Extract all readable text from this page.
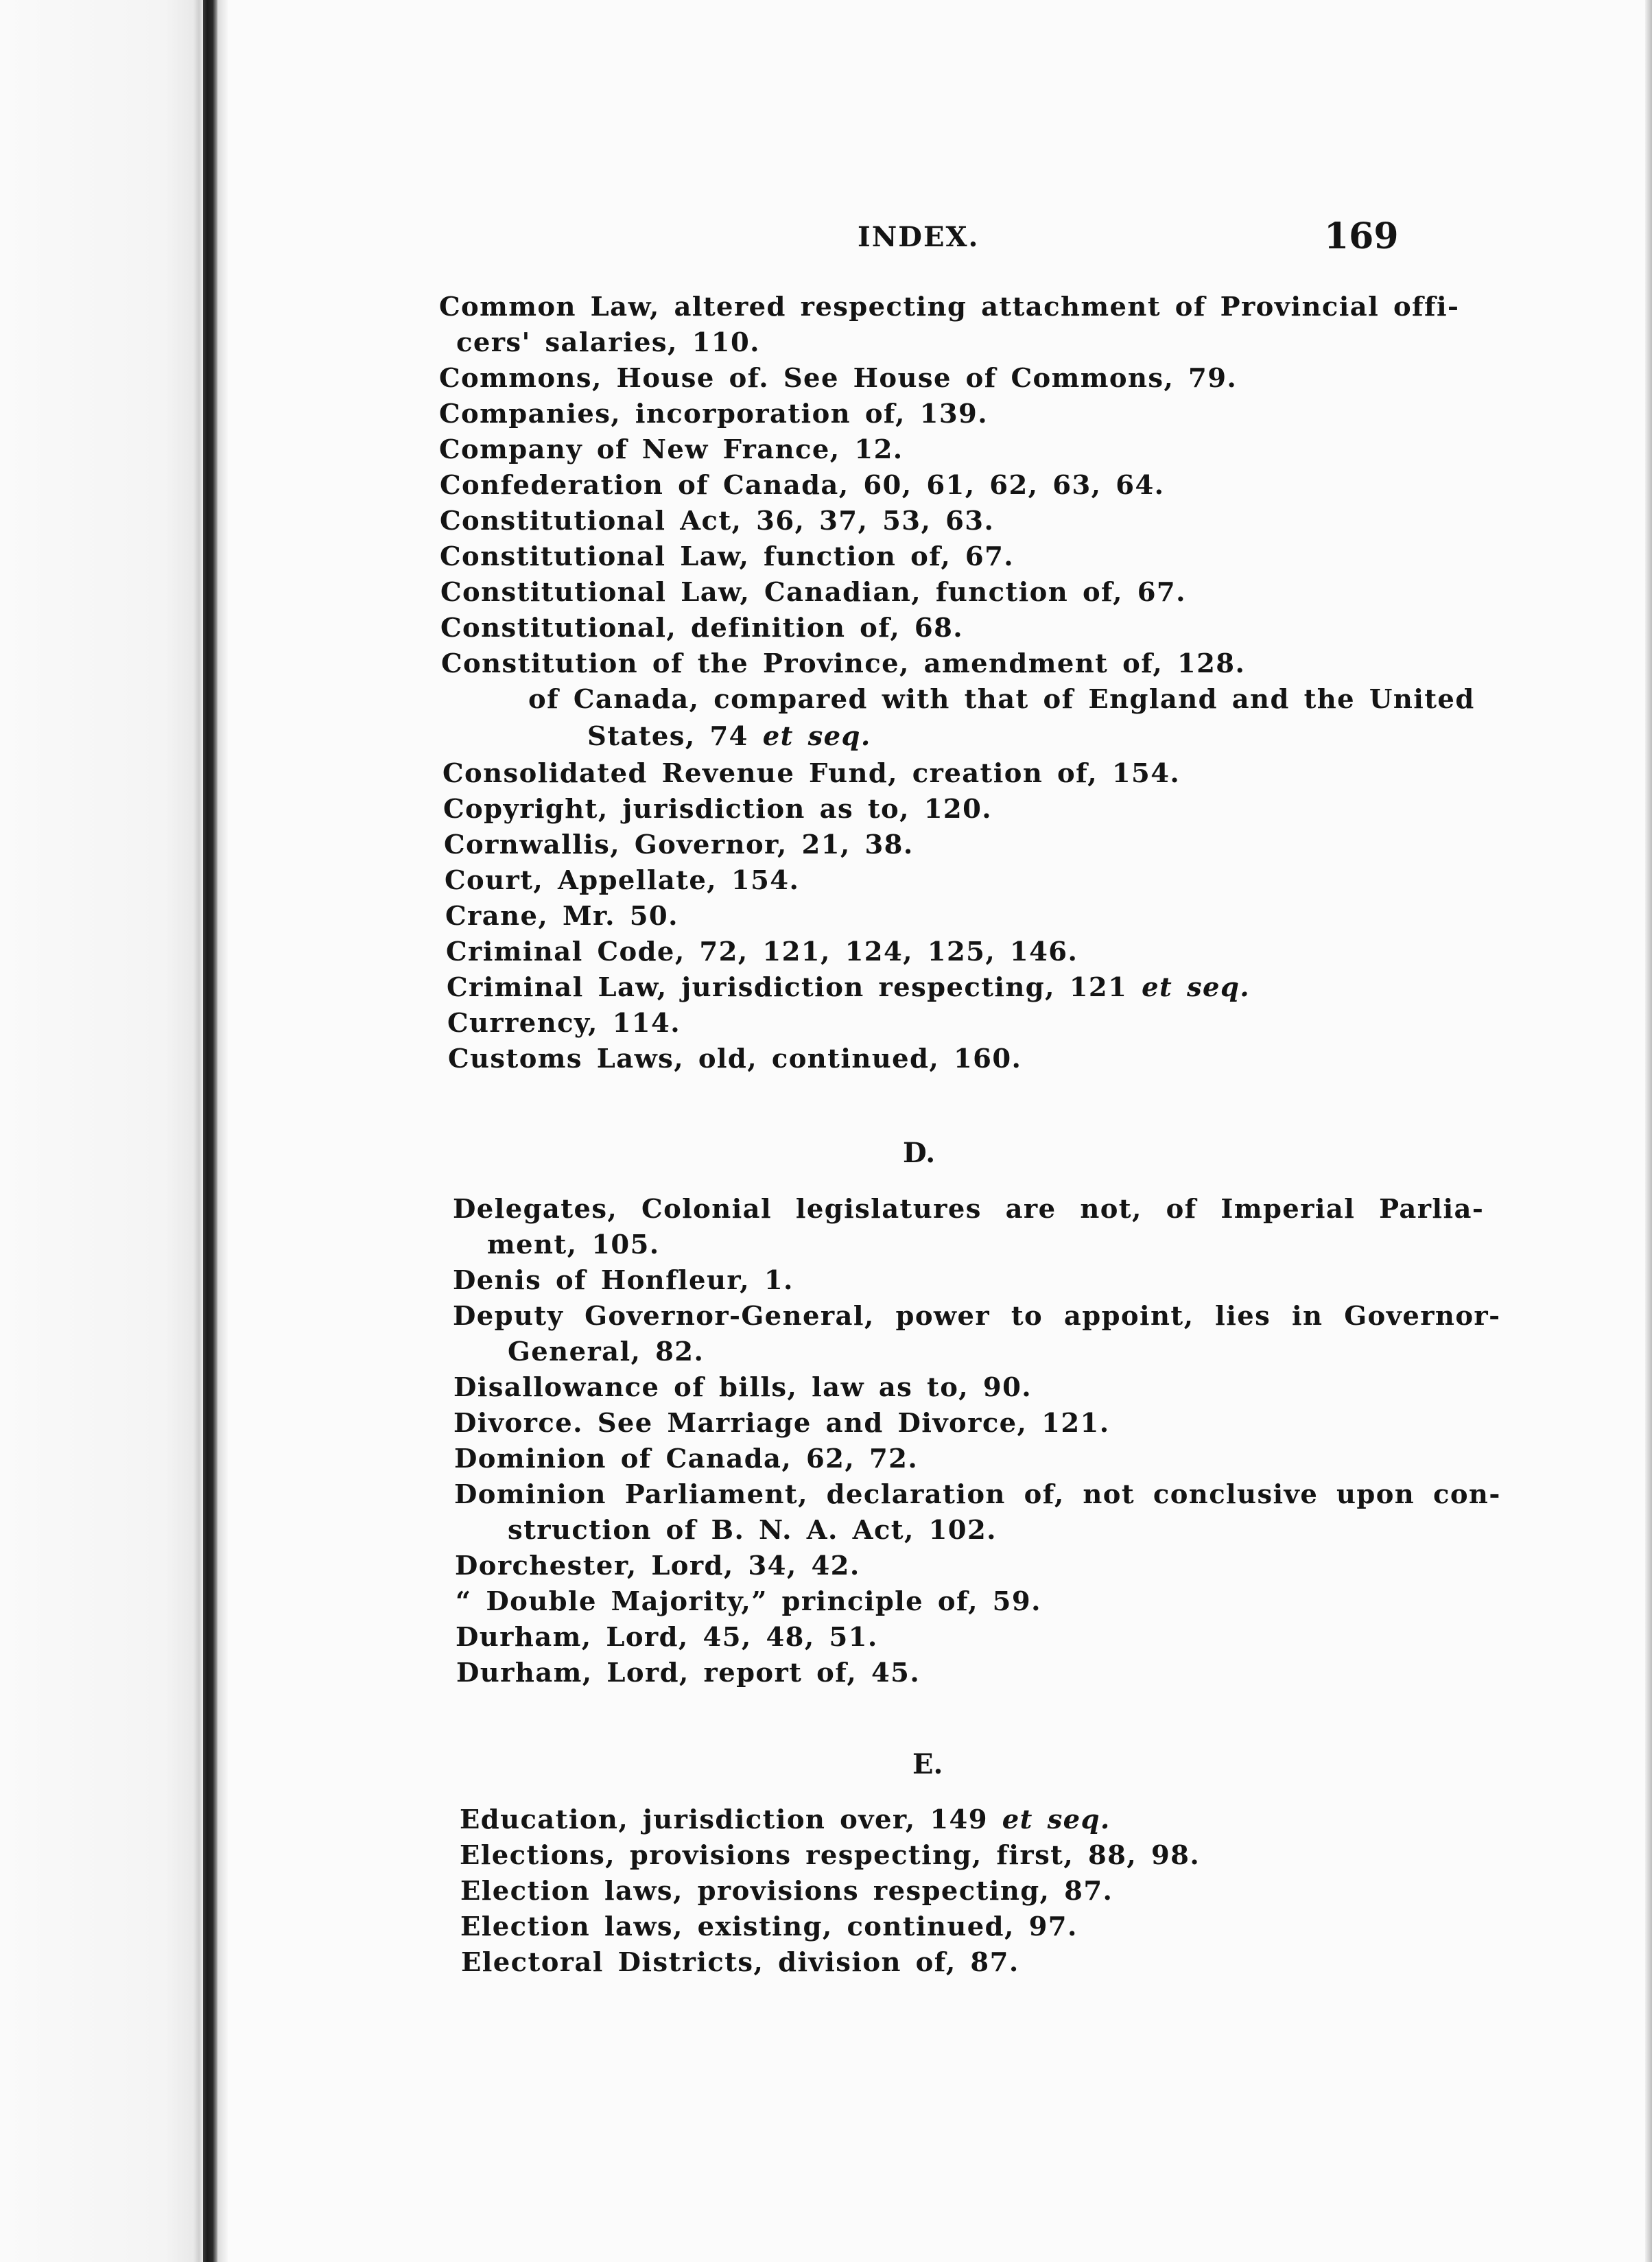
INDEX.	169
Common Law, altered respecting attachment of Provincial offi-
cers' salaries, 110.
Commons, House of. See House of Commons, 79.
Companies, incorporation of, 139.
Company of New France, 12.
Confederation of Canada, 60, 61, 62, 63, 64.
Constitutional Act, 36, 37, 53, 63.
Constitutional Law, function of, 67.
Constitutional Law, Canadian, function of, 67.
Constitutional, definition of, 68.
Constitution of the Province, amendment of, 128.
of Canada, compared with that of England and the United
States, 74 et seq.
Consolidated Revenue Fund, creation of, 154.
Copyright, jurisdiction as to, 120.
Cornwallis, Governor, 21, 38.
Court, Appellate, 154.
Crane, Mr. 50.
Criminal Code, 72, 121, 124, 125, 146.
Criminal Law, jurisdiction respecting, 121 et seq.
Currency, 114.
Customs Laws, old, continued, 160.
D.
Delegates, Colonial legislatures are not, of Imperial Parlia-
ment, 105.
Denis of Honfleur, 1.
Deputy Governor-General, power to appoint, lies in Governor-
General, 82.
Disallowance of bills, law as to, 90.
Divorce. See Marriage and Divorce, 121.
Dominion of Canada, 62, 72.
Dominion Parliament, declaration of, not conclusive upon con-
struction of B. N. A. Act, 102.
Dorchester, Lord, 34, 42.
“ Double Majority,” principle of, 59.
Durham, Lord, 45, 48, 51.
Durham, Lord, report of, 45.
E.
Education, jurisdiction over, 149 et seq.
Elections, provisions respecting, first, 88, 98.
Election laws, provisions respecting, 87.
Election laws, existing, continued, 97.
Electoral Districts, division of, 87.
